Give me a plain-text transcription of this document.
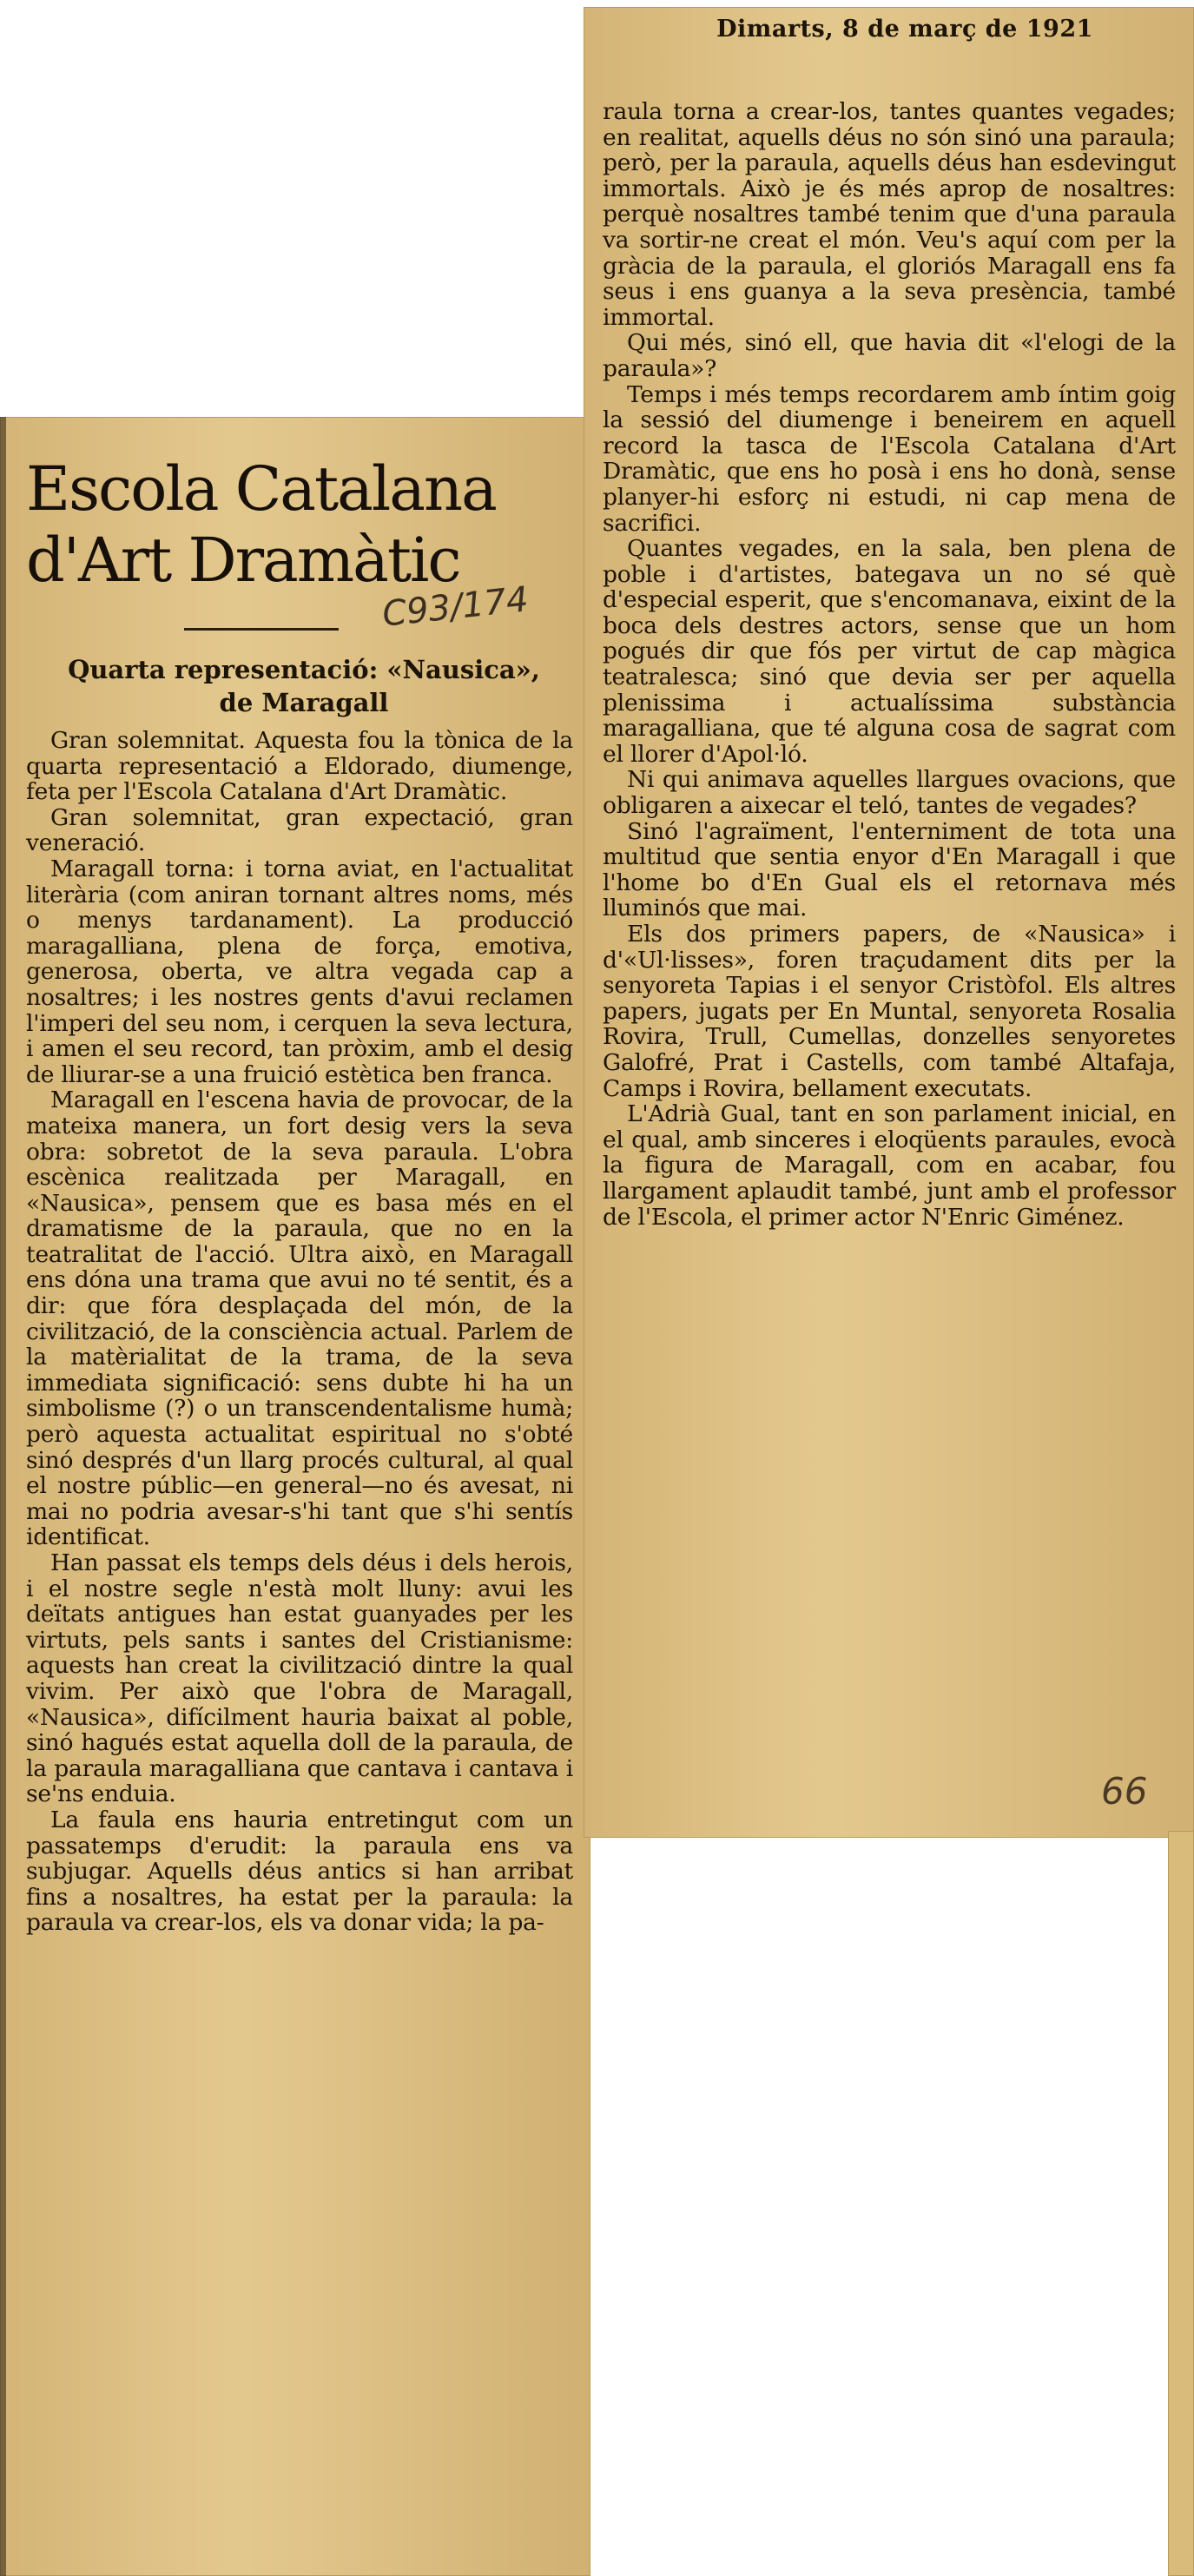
Escola Catalana
d'Art Dramàtic
C93/174
Quarta representació: «Nausica»,
de Maragall

Gran solemnitat. Aquesta fou la tònica de la quarta representació a Eldorado, diumenge, feta per l'Escola Catalana d'Art Dramàtic.

Gran solemnitat, gran expectació, gran veneració.

Maragall torna: i torna aviat, en l'actualitat literària (com aniran tornant altres noms, més o menys tardanament). La producció maragalliana, plena de força, emotiva, generosa, oberta, ve altra vegada cap a nosaltres; i les nostres gents d'avui reclamen l'imperi del seu nom, i cerquen la seva lectura, i amen el seu record, tan pròxim, amb el desig de lliurar-se a una fruició estètica ben franca.

Maragall en l'escena havia de provocar, de la mateixa manera, un fort desig vers la seva obra: sobretot de la seva paraula. L'obra escènica realitzada per Maragall, en «Nausica», pensem que es basa més en el dramatisme de la paraula, que no en la teatralitat de l'acció. Ultra això, en Maragall ens dóna una trama que avui no té sentit, és a dir: que fóra desplaçada del món, de la civilització, de la consciència actual. Parlem de la matèrialitat de la trama, de la seva immediata significació: sens dubte hi ha un simbolisme (?) o un transcendentalisme humà; però aquesta actualitat espiritual no s'obté sinó després d'un llarg procés cultural, al qual el nostre públic—en general—no és avesat, ni mai no podria avesar-s'hi tant que s'hi sentís identificat.

Han passat els temps dels déus i dels herois, i el nostre segle n'està molt lluny: avui les deïtats antigues han estat guanyades per les virtuts, pels sants i santes del Cristianisme: aquests han creat la civilització dintre la qual vivim. Per això que l'obra de Maragall, «Nausica», difícilment hauria baixat al poble, sinó hagués estat aquella doll de la paraula, de la paraula maragalliana que cantava i cantava i se'ns enduia.

La faula ens hauria entretingut com un passatemps d'erudit: la paraula ens va subjugar. Aquells déus antics si han arribat fins a nosaltres, ha estat per la paraula: la paraula va crear-los, els va donar vida; la pa-

Dimarts, 8 de març de 1921

raula torna a crear-los, tantes quantes vegades; en realitat, aquells déus no són sinó una paraula; però, per la paraula, aquells déus han esdevingut immortals. Això je és més aprop de nosaltres: perquè nosaltres també tenim que d'una paraula va sortir-ne creat el món. Veu's aquí com per la gràcia de la paraula, el gloriós Maragall ens fa seus i ens guanya a la seva presència, també immortal.

Qui més, sinó ell, que havia dit «l'elogi de la paraula»?

Temps i més temps recordarem amb íntim goig la sessió del diumenge i beneirem en aquell record la tasca de l'Escola Catalana d'Art Dramàtic, que ens ho posà i ens ho donà, sense planyer-hi esforç ni estudi, ni cap mena de sacrifici.

Quantes vegades, en la sala, ben plena de poble i d'artistes, bategava un no sé què d'especial esperit, que s'encomanava, eixint de la boca dels destres actors, sense que un hom pogués dir que fós per virtut de cap màgica teatralesca; sinó que devia ser per aquella plenissima i actualíssima substància maragalliana, que té alguna cosa de sagrat com el llorer d'Apol·ló.

Ni qui animava aquelles llargues ovacions, que obligaren a aixecar el teló, tantes de vegades?

Sinó l'agraïment, l'enterniment de tota una multitud que sentia enyor d'En Maragall i que l'home bo d'En Gual els el retornava més lluminós que mai.

Els dos primers papers, de «Nausica» i d'«Ul·lisses», foren traçudament dits per la senyoreta Tapias i el senyor Cristòfol. Els altres papers, jugats per En Muntal, senyoreta Rosalia Rovira, Trull, Cumellas, donzelles senyoretes Galofré, Prat i Castells, com també Altafaja, Camps i Rovira, bellament executats.

L'Adrià Gual, tant en son parlament inicial, en el qual, amb sinceres i eloqüents paraules, evocà la figura de Maragall, com en acabar, fou llargament aplaudit també, junt amb el professor de l'Escola, el primer actor N'Enric Giménez.

66
